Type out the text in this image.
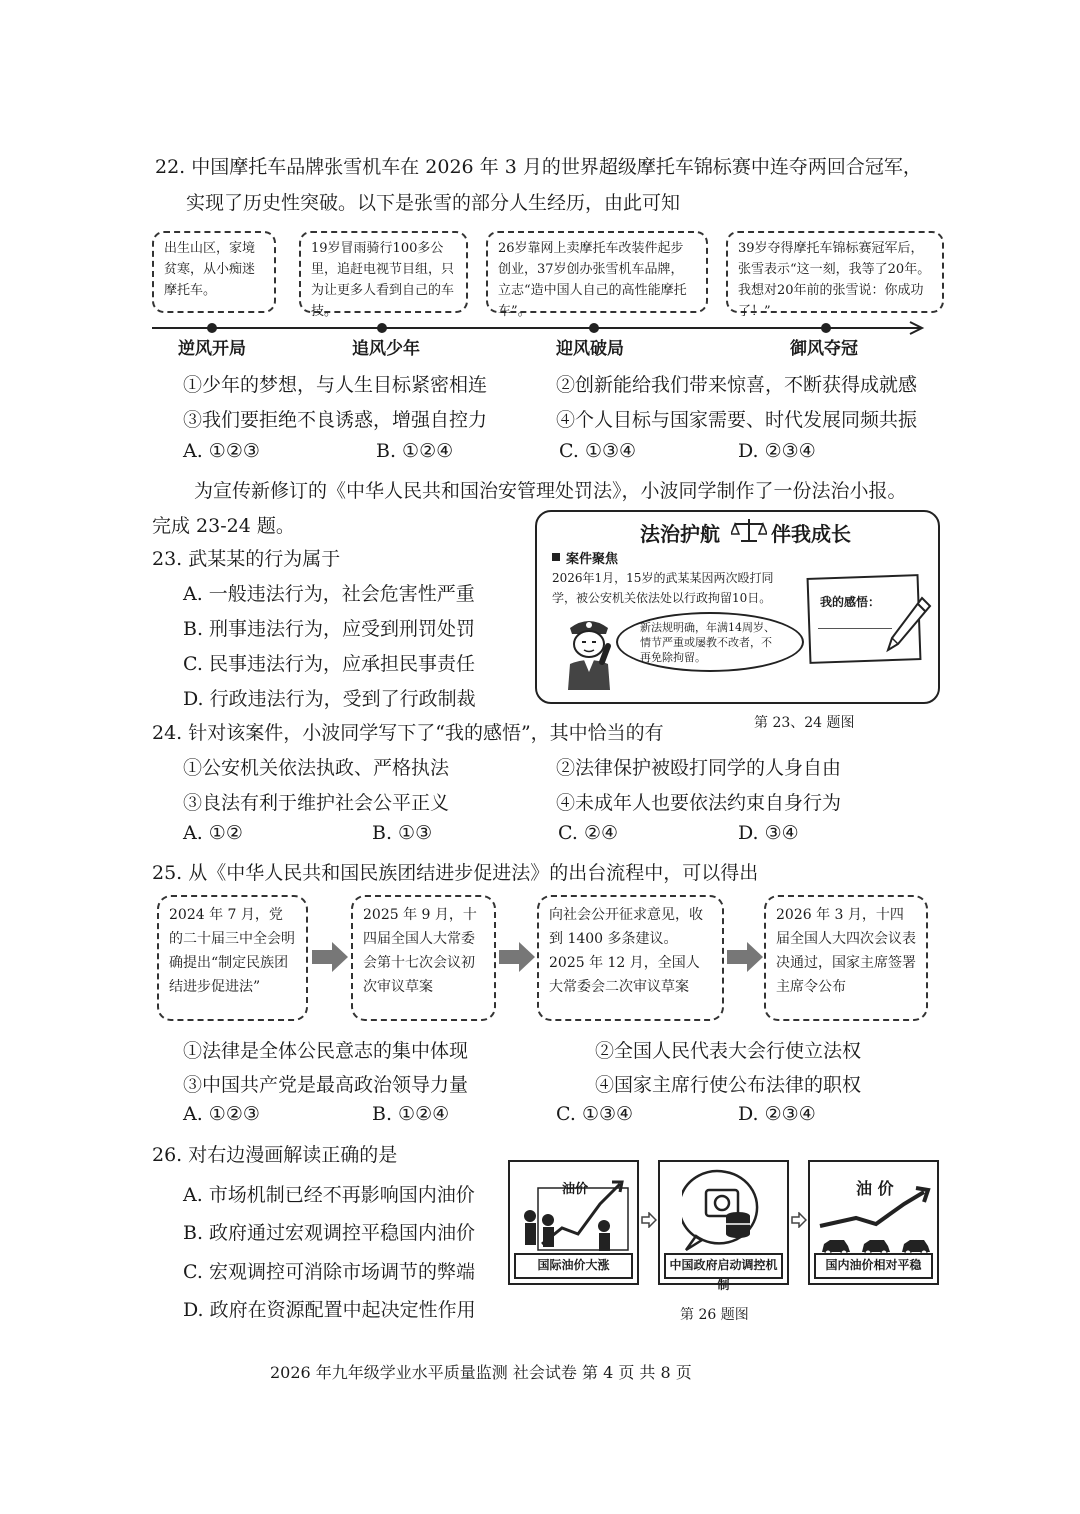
22. 中国摩托车品牌张雪机车在 2026 年 3 月的世界超级摩托车锦标赛中连夺两回合冠军，
实现了历史性突破。以下是张雪的部分人生经历，由此可知
出生山区，家境贫寒，从小痴迷摩托车。
19岁冒雨骑行100多公里，追赶电视节目组，只为让更多人看到自己的车技。
26岁靠网上卖摩托车改装件起步创业，37岁创办张雪机车品牌，立志“造中国人自己的高性能摩托车”。
39岁夺得摩托车锦标赛冠军后，张雪表示“这一刻，我等了20年。我想对20年前的张雪说：你成功了！”
逆风开局	追风少年	迎风破局	御风夺冠
①少年的梦想，与人生目标紧密相连	②创新能给我们带来惊喜，不断获得成就感
③我们要拒绝不良诱惑，增强自控力	④个人目标与国家需要、时代发展同频共振
A. ①②③	B. ①②④	C. ①③④	D. ②③④
为宣传新修订的《中华人民共和国治安管理处罚法》，小波同学制作了一份法治小报。
完成 23-24 题。
23. 武某某的行为属于
A. 一般违法行为，社会危害性严重
B. 刑事违法行为，应受到刑罚处罚
C. 民事违法行为，应承担民事责任
D. 行政违法行为，受到了行政制裁
法治护航	伴我成长
案件聚焦
2026年1月，15岁的武某某因两次殴打同学，被公安机关依法处以行政拘留10日。
新法规明确，年满14周岁、情节严重或屡教不改者，不再免除拘留。
我的感悟：
第 23、24 题图
24. 针对该案件，小波同学写下了“我的感悟”，其中恰当的有
①公安机关依法执政、严格执法	②法律保护被殴打同学的人身自由
③良法有利于维护社会公平正义	④未成年人也要依法约束自身行为
A. ①②	B. ①③	C. ②④	D. ③④
25. 从《中华人民共和国民族团结进步促进法》的出台流程中，可以得出
2024 年 7 月，党的二十届三中全会明确提出“制定民族团结进步促进法”
2025 年 9 月，十四届全国人大常委会第十七次会议初次审议草案
向社会公开征求意见，收到 1400 多条建议。2025 年 12 月，全国人大常委会二次审议草案
2026 年 3 月，十四届全国人大四次会议表决通过，国家主席签署主席令公布
①法律是全体公民意志的集中体现	②全国人民代表大会行使立法权
③中国共产党是最高政治领导力量	④国家主席行使公布法律的职权
A. ①②③	B. ①②④	C. ①③④	D. ②③④
26. 对右边漫画解读正确的是
A. 市场机制已经不再影响国内油价
B. 政府通过宏观调控平稳国内油价
C. 宏观调控可消除市场调节的弊端
D. 政府在资源配置中起决定性作用
油价
国际油价大涨	中国政府启动调控机制
油 价
国内油价相对平稳
第 26 题图
2026 年九年级学业水平质量监测 社会试卷 第 4 页 共 8 页
